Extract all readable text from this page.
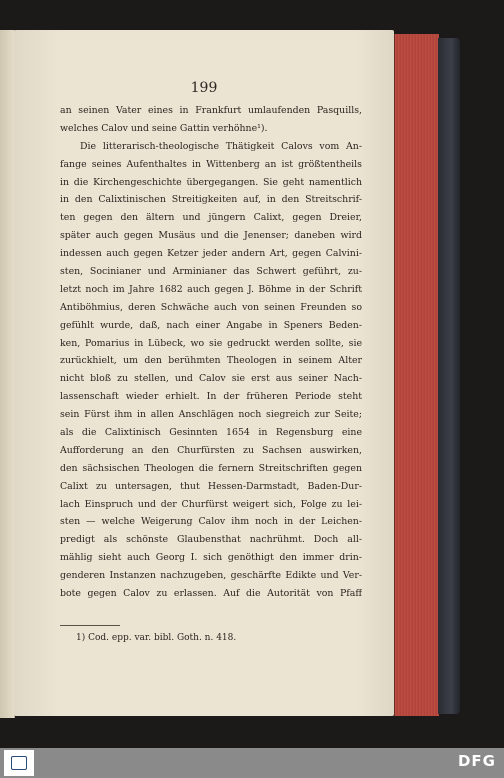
199
an seinen Vater eines in Frankfurt umlaufenden Pasquills,
welches Calov und seine Gattin verhöhne¹).
Die litterarisch-theologische Thätigkeit Calovs vom An-
fange seines Aufenthaltes in Wittenberg an ist größtentheils
in die Kirchengeschichte übergegangen. Sie geht namentlich
in den Calixtinischen Streitigkeiten auf, in den Streitschrif-
ten gegen den ältern und jüngern Calixt, gegen Dreier,
später auch gegen Musäus und die Jenenser; daneben wird
indessen auch gegen Ketzer jeder andern Art, gegen Calvini-
sten, Socinianer und Arminianer das Schwert geführt, zu-
letzt noch im Jahre 1682 auch gegen J. Böhme in der Schrift
Antiböhmius, deren Schwäche auch von seinen Freunden so
gefühlt wurde, daß, nach einer Angabe in Speners Beden-
ken, Pomarius in Lübeck, wo sie gedruckt werden sollte, sie
zurückhielt, um den berühmten Theologen in seinem Alter
nicht bloß zu stellen, und Calov sie erst aus seiner Nach-
lassenschaft wieder erhielt. In der früheren Periode steht
sein Fürst ihm in allen Anschlägen noch siegreich zur Seite;
als die Calixtinisch Gesinnten 1654 in Regensburg eine
Aufforderung an den Churfürsten zu Sachsen auswirken,
den sächsischen Theologen die fernern Streitschriften gegen
Calixt zu untersagen, thut Hessen-Darmstadt, Baden-Dur-
lach Einspruch und der Churfürst weigert sich, Folge zu lei-
sten — welche Weigerung Calov ihm noch in der Leichen-
predigt als schönste Glaubensthat nachrühmt. Doch all-
mählig sieht auch Georg I. sich genöthigt den immer drin-
genderen Instanzen nachzugeben, geschärfte Edikte und Ver-
bote gegen Calov zu erlassen. Auf die Autorität von Pfaff
1) Cod. epp. var. bibl. Goth. n. 418.
DFG
